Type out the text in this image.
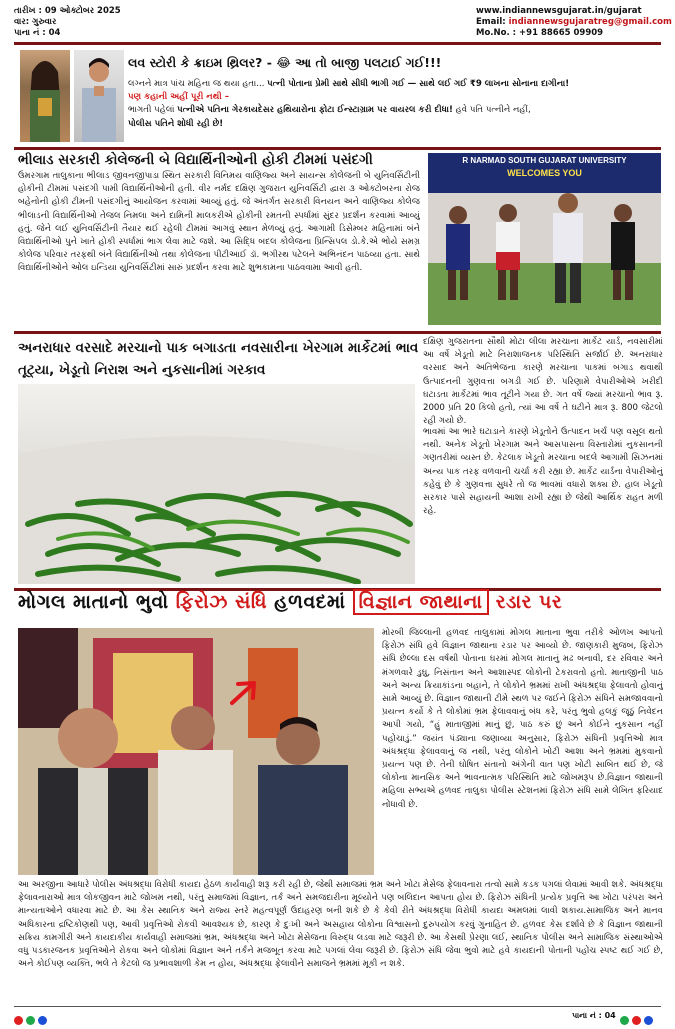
તારીખ : 09 ઓક્ટોબર 2025
વાર: ગુરુવાર
પાના નં : 04
www.indiannewsgujarat.in/gujarat
Email: indiannewsgujaratreg@gmail.com
Mo.No. : +91 88665 09909
લવ સ્ટોરી કે ક્રાઇમ થ્રિલર? - 😂 આ તો બાજી પલટાઈ ગઈ!!!
લગ્નને માત્ર પાંચ મહિના જ થયા હતા... પત્ની પોતાના પ્રેમી સાથે સીધી ભાગી ગઈ — સાથે લઈ ગઈ ₹9 લાખના સોનાના દાગીના!
પણ કહાની અહીં પૂરી નથી –
ભાગતી પહેલાં પત્નીએ પતિના ગેરકાયદેસર હથિયારોના ફોટા ઈન્સ્ટાગ્રામ પર વાયરલ કરી દીધા! હવે પતિ પત્નીને નહીં,
પોલીસ પતિને શોધી રહી છે!
ભીલાડ સરકારી કોલેજની બે વિદ્યાર્થિનીઓની હોકી ટીમમાં પસંદગી
ઉમરગામ તાલુકાના ભીલાડ જીવનજીપાડા સ્થિત સરકારી વિનિમય વાણિજ્ય અને સાયન્સ કોલેજની બે યુનિવર્સિટીની હોકીની ટીમમાં પસંદગી પામી વિદ્યાર્થિનીઓની હતી. વીર નર્મદ દક્ષિણ ગુજરાત યુનિવર્સિટી દ્વારા ૩ ઓક્ટોબરના રોજ બહેનોની હોકી ટીમની પસંદગીનું આયોજન કરવામાં આવ્યું હતું. જે અંતર્ગત સરકારી વિનયન અને વાણિજ્ય કોલેજ ભીલાડની વિદ્યાર્થિનીઓ તેજલ નિમલા અને દામિની માલકરીએ હોકીની રમતની સ્પર્ધામાં સુંદર પ્રદર્શન કરવામાં આવ્યું હતું. જેને લઈ યુનિવર્સિટીની તૈયાર થઈ રહેલી ટીમમાં આગવું સ્થાન મેળવ્યું હતું. આગામી ડિસેમ્બર મહિનામાં બંને વિદ્યાર્થિનીઓ પુને ખાતે હોકી સ્પર્ધામાં ભાગ લેવા માટે જશે. આ સિદ્ધિ બદલ કોલેજના પ્રિન્સિપલ ડો.કે.એ ભોયે સમગ્ર કોલેજ પરિવાર તરફથી બંને વિદ્યાર્થિનીઓ તથા કોલેજના પીટીઆઈ ડૉ. ભગીરથ પટેલને અભિનંદન પાઠવ્યા હતા. સાથે વિદ્યાર્થિનીઓને ઓલ ઇન્ડિયા યુનિવર્સિટીમાં સારું પ્રદર્શન કરવા માટે શુભકામના પાઠવવામા આવી હતી.
R NARMAD SOUTH GUJARAT UNIVERSITY
WELCOMES YOU
અનરાધાર વરસાદે મરચાનો પાક બગાડતા નવસારીના ખેરગામ માર્કેટમાં ભાવ તૂટ્યા, ખેડૂતો નિરાશ અને નુકસાનીમાં ગરકાવ
દક્ષિણ ગુજરાતના સૌથી મોટા લીલા મરચાના માર્કેટ યાર્ડ, નવસારીમાં આ વર્ષે ખેડૂતો માટે નિરાશાજનક પરિસ્થિતિ સર્જાઈ છે. અનરાધાર વરસાદ અને અતિભેજના કારણે મરચાના પાકમાં બગાડ થવાથી ઉત્પાદનની ગુણવત્તા બગડી ગઈ છે. પરિણામે વેપારીઓએ ખરીદી ઘટાડતા માર્કેટમાં ભાવ તૂટીને ગયા છે. ગત વર્ષે જ્યાં મરચાનો ભાવ રૂ. 2000 પ્રતિ 20 કિલો હતો, ત્યાં આ વર્ષે તે ઘટીને માત્ર રૂ. 800 જેટલો રહી ગયો છે.
ભાવમાં આ ભારે ઘટાડાને કારણે ખેડૂતોને ઉત્પાદન ખર્ચ પણ વસૂલ થતો નથી. અનેક ખેડૂતો ખેરગામ અને આસપાસના વિસ્તારોમાં નુકસાનની ગણતરીમાં વ્યસ્ત છે. કેટલાક ખેડૂતો મરચાના બદલે આગામી સિઝનમાં અન્ય પાક તરફ વળવાની ચર્ચા કરી રહ્યા છે. માર્કેટ યાર્ડના વેપારીઓનું કહેવું છે કે ગુણવત્તા સુધરે તો જ ભાવમાં વધારો શક્ય છે. હાલ ખેડૂતો સરકાર પાસે સહાયની આશા રાખી રહ્યા છે જેથી આર્થિક રાહત મળી રહે.
મોગલ માતાનો ભુવો ફિરોઝ સંધિ હળવદમાં વિજ્ઞાન જાથાના રડાર પર
મોરબી જિલ્લાની હળવદ તાલુકામાં મોગલ માતાના ભુવા તરીકે ઓળખ આપતો ફિરોઝ સંધિ હવે વિજ્ઞાન જાથાના રડાર પર આવ્યો છે. જાણકારી મુજબ, ફિરોઝ સંધિ છેલ્લા દસ વર્ષથી પોતાના ઘરમાં મોગલ માતાનું મઢ બનાવી, દર રવિવાર અને મંગળવારે ડુઘુ, નિસંતાન અને આશાસ્પદ લોકોની ટેકરાવતો હતો. માતાજીની પાઠ અને અન્ય ક્રિયાકાંડના બહાને, તે લોકોને ભ્રમમાં રાખી અંધશ્રદ્ધા ફેલાવતો હોવાનું સામે આવ્યું છે. વિજ્ઞાન જાથાની ટીમે સ્થળ પર જઈને ફિરોઝ સંધિને સમજાવવાનો પ્રયત્ન કર્યો કે તે લોકોમાં ભ્રમ ફેલાવવાનું બંધ કરે, પરંતુ ભુવો હલકું જૂઠું નિવેદન આપી ગયો, “હું માતાજીમાં માનું છું, પાઠ કરું છું અને કોઈને નુકસાન નહીં પહોંચાડું.” જયંત પંડ્યાના જણાવ્યા અનુસાર, ફિરોઝ સંધિની પ્રવૃત્તિઓ માત્ર અંધશ્રદ્ધા ફેલાવવાનું જ નથી, પરંતુ લોકોને ખોટી આશા અને ભ્રમમાં મુકવાનો પ્રયત્ન પણ છે. તેની ઘોષિત સંતાનો અંગેની વાત પણ ખોટી સાબિત થઈ છે, જે લોકોના માનસિક અને ભાવનાત્મક પરિસ્થિતિ માટે જોખમરૂપ છે.વિજ્ઞાન જાથાની મહિલા સભ્યએ હળવદ તાલુકા પોલીસ સ્ટેશનમાં ફિરોઝ સંધિ સામે લેખિત ફરિયાદ નોંધાવી છે.
આ અરજીના આધારે પોલીસ અંધશ્રદ્ધા વિરોધી કાયદા હેઠળ કાર્યવાહી શરૂ કરી રહી છે, જેથી સમાજમાં ભ્રમ અને ખોટા મેસેજ ફેલાવનારા તત્વો સામે કડક પગલાં લેવામાં આવી શકે. અંધશ્રદ્ધા ફેલાવનારાઓ માત્ર લોકજીવન માટે જોખમ નથી, પરંતુ સમાજમાં વિજ્ઞાન, તર્ક અને સમજદારીના મૂલ્યોને પણ બલિદાન આપતા હોય છે. ફિરોઝ સંધિની પ્રત્યેક પ્રવૃત્તિ આ ખોટા પરંપરા અને માન્યતાઓને વધારવા માટે છે. આ કેસ સ્થાનિક અને રાજ્ય સ્તરે મહત્વપૂર્ણ ઉદાહરણ બની શકે છે કે કેવી રીતે અંધશ્રદ્ધા વિરોધી કાયદા અમલમાં લાવી શકાય.સામાજિક અને માનવ અધિકારના દ્રષ્ટિકોણથી પણ, આવી પ્રવૃત્તિઓ રોકવી આવશ્યક છે, કારણ કે દુઃખી અને અસહાય લોકોના વિશ્વાસનો દુરુપયોગ કરવું ગુનાહિત છે. હળવદ કેસ દર્શાવે છે કે વિજ્ઞાન જાથાની સક્રિય કામગીરી અને કાયદાકીય કાર્યવાહી સમાજમાં ભ્રમ, અંધશ્રદ્ધા અને ખોટા મેસેજના વિરુદ્ધ લડવા માટે જરૂરી છે. આ કેસથી પ્રેરણા લઈ, સ્થાનિક પોલીસ અને સામાજિક સંસ્થાઓએ વધુ પડકારજનક પ્રવૃત્તિઓને રોકવા અને લોકોમાં વિજ્ઞાન અને તર્કને મજબૂત કરવા માટે પગલાં લેવા જરૂરી છે. ફિરોઝ સંધિ જેવા ભુવો માટે હવે કાયદાની પોતાની પહોંચ સ્પષ્ટ થઈ ગઈ છે, અને કોઈપણ વ્યક્તિ, ભલે તે કેટલો જ પ્રભાવશાળી કેમ ન હોય, અંધશ્રદ્ધા ફેલાવીને સમાજને ભ્રમમાં મૂકી ન શકે.
પાના નં : 04
